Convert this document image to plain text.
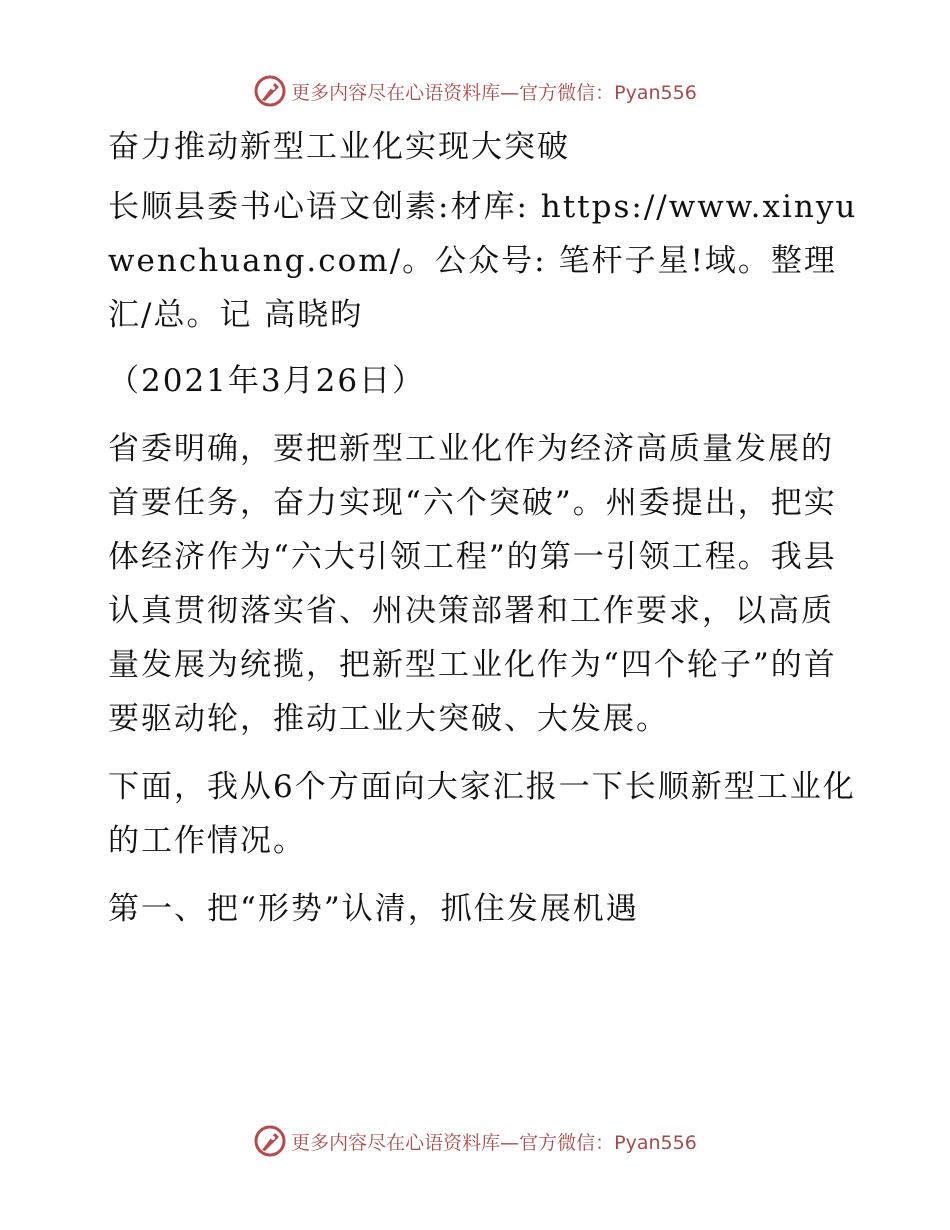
更多内容尽在心语资料库—官方微信：Pyan556

奋力推动新型工业化实现大突破

长顺县委书心语文创素:材库: https://www.xinyuwenchuang.com/。公众号: 笔杆子星!域。整理汇/总。记 高晓昀

（2021年3月26日）

省委明确，要把新型工业化作为经济高质量发展的首要任务，奋力实现“六个突破”。州委提出，把实体经济作为“六大引领工程”的第一引领工程。我县认真贯彻落实省、州决策部署和工作要求，以高质量发展为统揽，把新型工业化作为“四个轮子”的首要驱动轮，推动工业大突破、大发展。

下面，我从6个方面向大家汇报一下长顺新型工业化的工作情况。

第一、把“形势”认清，抓住发展机遇

更多内容尽在心语资料库—官方微信：Pyan556
